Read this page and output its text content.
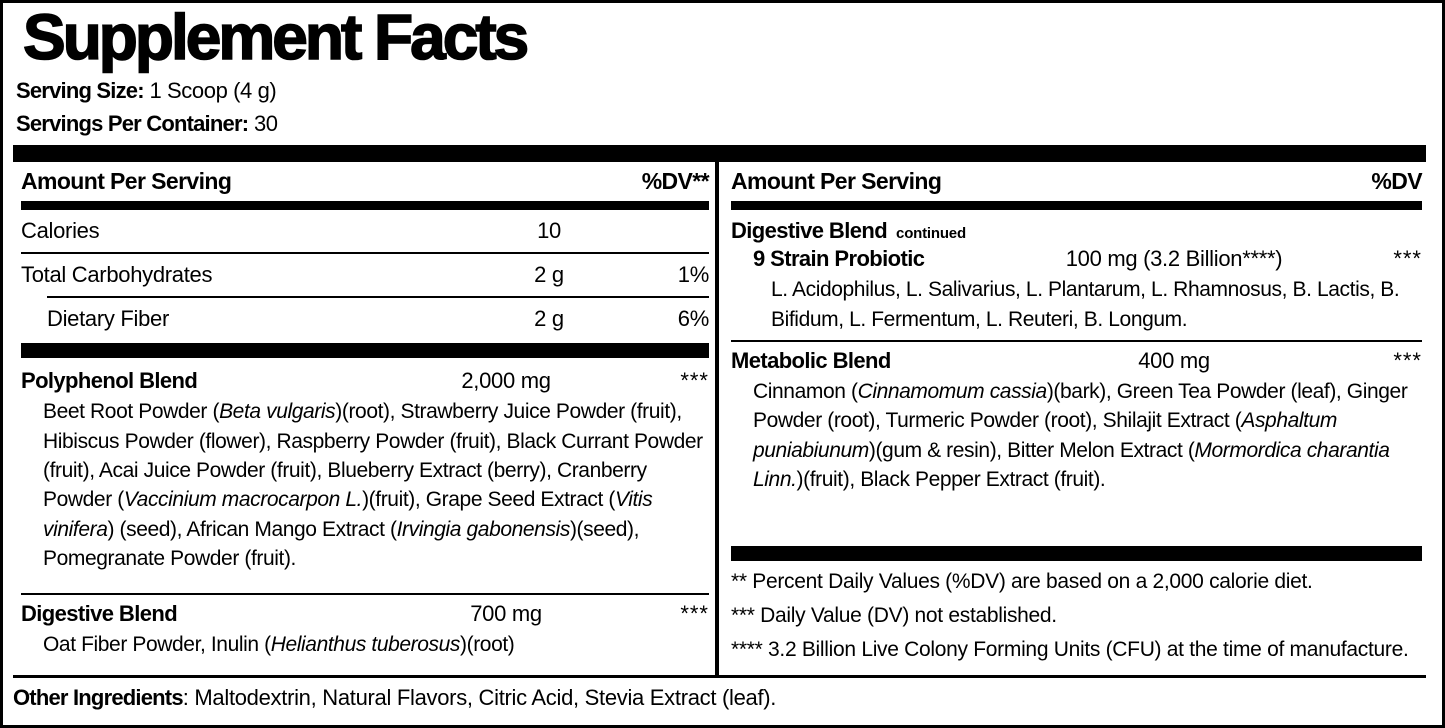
Supplement Facts
Serving Size: 1 Scoop (4 g)
Servings Per Container: 30
Amount Per Serving	%DV**
Calories	10
Total Carbohydrates	2 g	1%
Dietary Fiber	2 g	6%
Polyphenol Blend	2,000 mg	***
Beet Root Powder (Beta vulgaris)(root), Strawberry Juice Powder (fruit), Hibiscus Powder (flower), Raspberry Powder (fruit), Black Currant Powder (fruit), Acai Juice Powder (fruit), Blueberry Extract (berry), Cranberry Powder (Vaccinium macrocarpon L.)(fruit), Grape Seed Extract (Vitis vinifera) (seed), African Mango Extract (Irvingia gabonensis)(seed), Pomegranate Powder (fruit).
Digestive Blend	700 mg	***
Oat Fiber Powder, Inulin (Helianthus tuberosus)(root)
Amount Per Serving	%DV
Digestive Blend continued
9 Strain Probiotic	100 mg (3.2 Billion****)	***
L. Acidophilus, L. Salivarius, L. Plantarum, L. Rhamnosus, B. Lactis, B. Bifidum, L. Fermentum, L. Reuteri, B. Longum.
Metabolic Blend	400 mg	***
Cinnamon (Cinnamomum cassia)(bark), Green Tea Powder (leaf), Ginger Powder (root), Turmeric Powder (root), Shilajit Extract (Asphaltum puniabiunum)(gum & resin), Bitter Melon Extract (Mormordica charantia Linn.)(fruit), Black Pepper Extract (fruit).
** Percent Daily Values (%DV) are based on a 2,000 calorie diet.
*** Daily Value (DV) not established.
**** 3.2 Billion Live Colony Forming Units (CFU) at the time of manufacture.
Other Ingredients: Maltodextrin, Natural Flavors, Citric Acid, Stevia Extract (leaf).
